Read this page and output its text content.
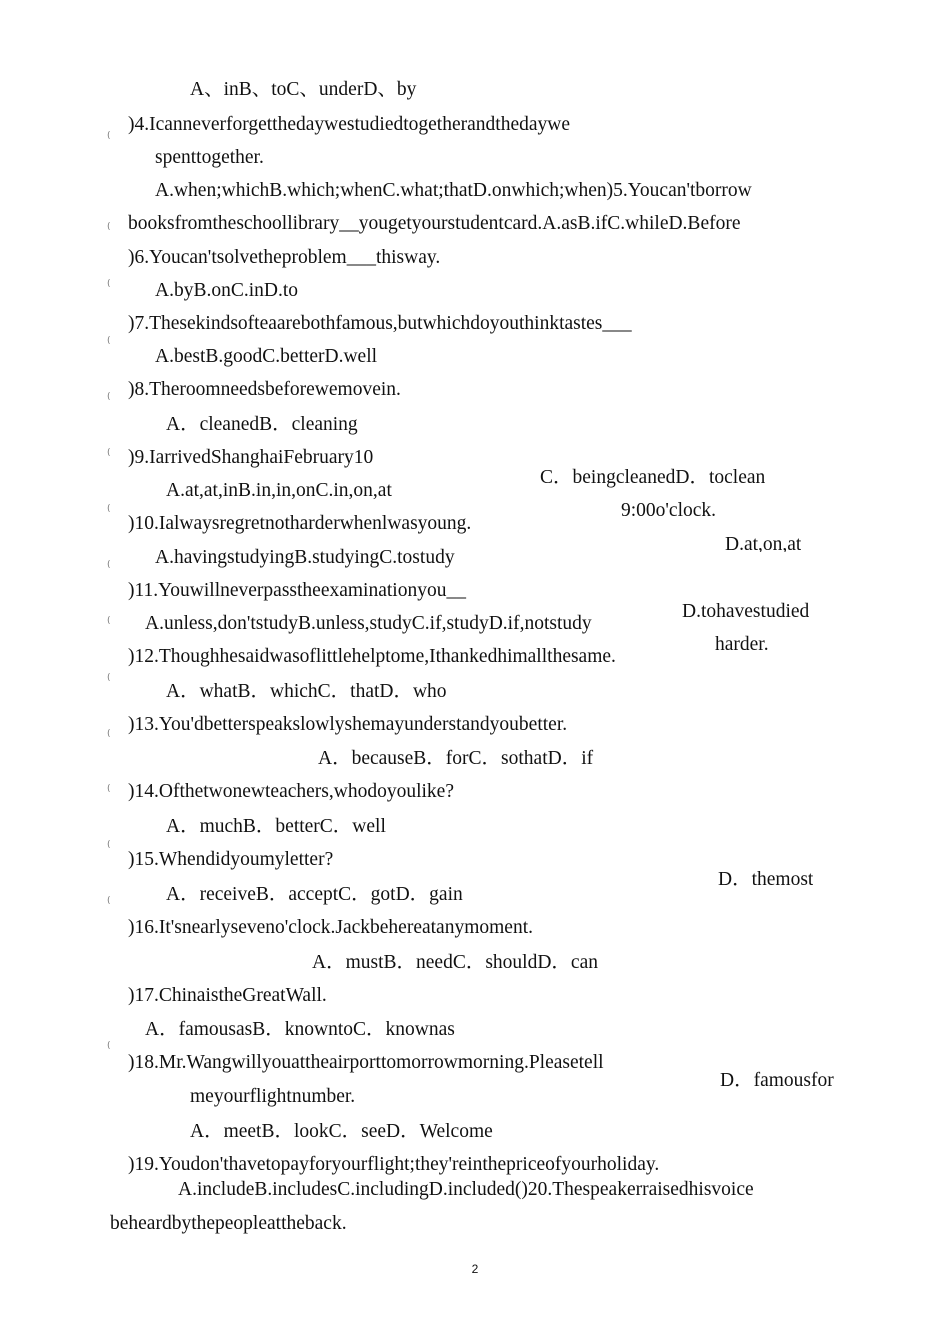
(
(
(
(
(
(
(
(
(
(
(
(
(
(
(
A、inB、toC、underD、by
)4.Icanneverforgetthedaywestudiedtogetherandthedaywe
spenttogether.
A.when;whichB.which;whenC.what;thatD.onwhich;when)5.Youcan'tborrow
booksfromtheschoollibrary__yougetyourstudentcard.A.asB.ifC.whileD.Before
)6.Youcan'tsolvetheproblem___thisway.
A.byB.onC.inD.to
)7.Thesekindsofteaarebothfamous,butwhichdoyouthinktastes___
A.bestB.goodC.betterD.well
)8.Theroomneedsbeforewemovein.
A．cleanedB．cleaning
)9.IarrivedShanghaiFebruary10
A.at,at,inB.in,in,onC.in,on,at
)10.Ialwaysregretnotharderwhenlwasyoung.
A.havingstudyingB.studyingC.tostudy
)11.Youwillneverpasstheexaminationyou__
A.unless,don'tstudyB.unless,studyC.if,studyD.if,notstudy
)12.Thoughhesaidwasoflittlehelptome,Ithankedhimallthesame.
A．whatB．whichC．thatD．who
)13.You'dbetterspeakslowlyshemayunderstandyoubetter.
A．becauseB．forC．sothatD．if
)14.Ofthetwonewteachers,whodoyoulike?
A．muchB．betterC．well
)15.Whendidyoumyletter?
A．receiveB．acceptC．gotD．gain
)16.It'snearlyseveno'clock.Jackbehereatanymoment.
A．mustB．needC．shouldD．can
)17.ChinaistheGreatWall.
A．famousasB．knowntoC．knownas
)18.Mr.Wangwillyouattheairporttomorrowmorning.Pleasetell
meyourflightnumber.
A．meetB．lookC．seeD．Welcome
)19.Youdon'thavetopayforyourflight;they'reinthepriceofyourholiday.
A.includeB.includesC.includingD.included()20.Thespeakerraisedhisvoice
beheardbythepeopleattheback.
C．beingcleanedD．toclean
9:00o'clock.
D.at,on,at
D.tohavestudied
harder.
D．themost
D．famousfor
2
